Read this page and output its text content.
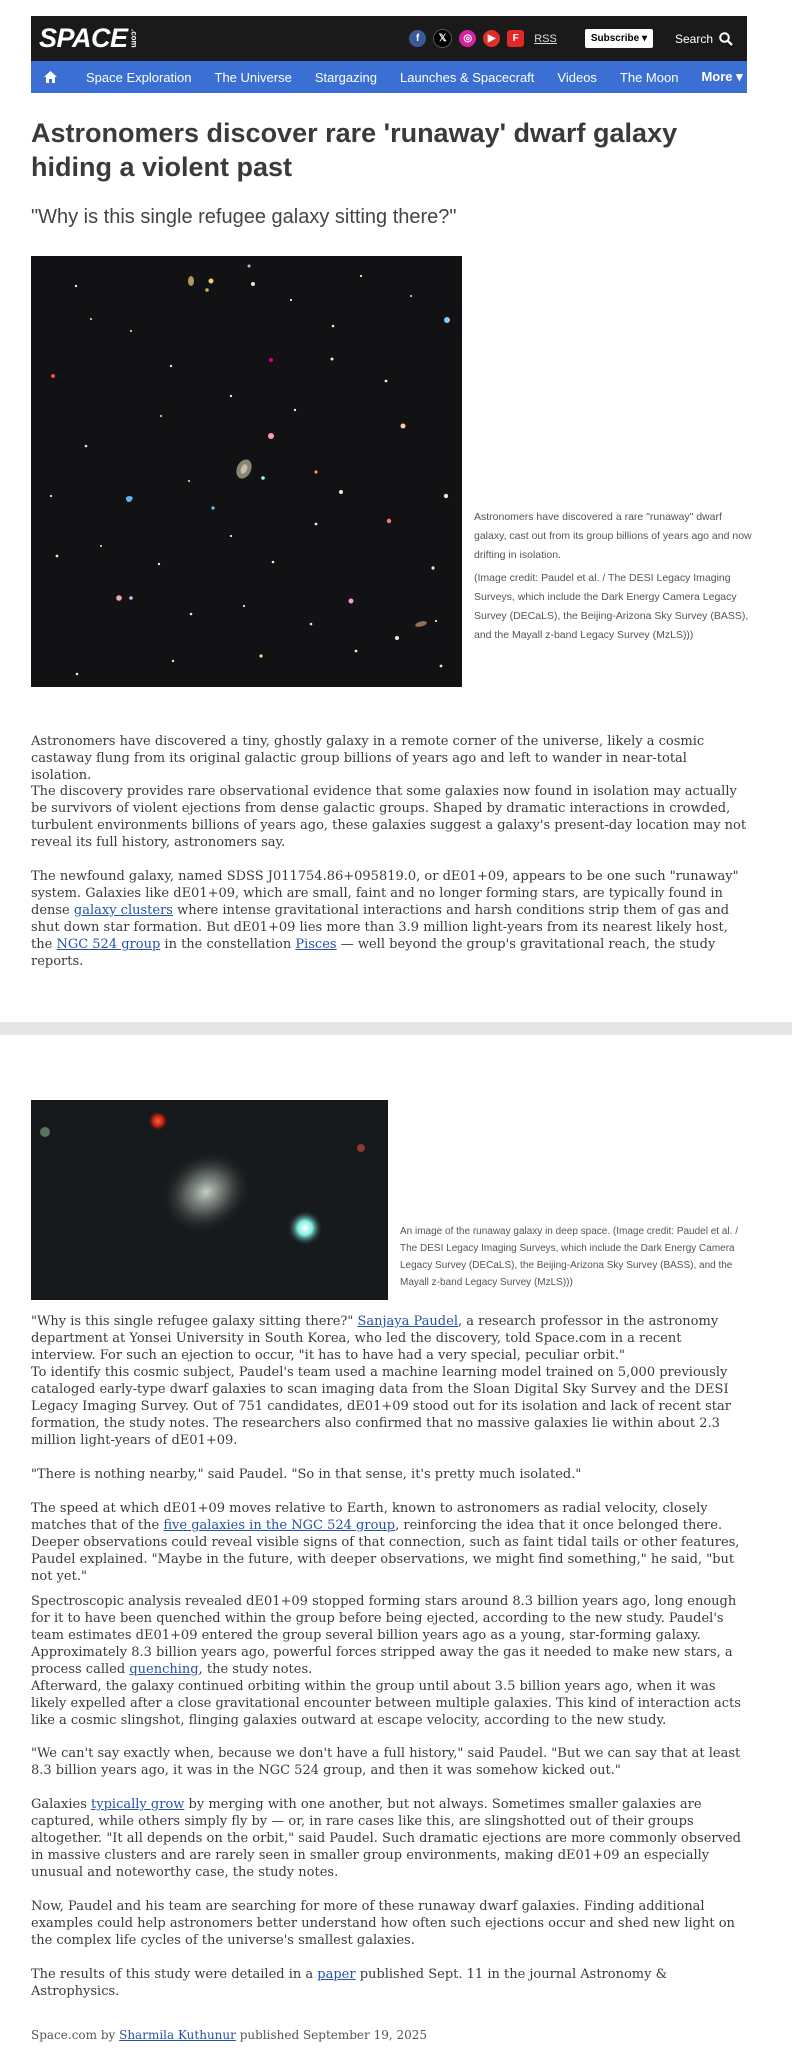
SPACE .com	f	𝕏	◎	▶	F	RSS	Subscribe ▾	Search
Space Exploration The Universe Stargazing Launches & Spacecraft Videos The Moon More ▾
Astronomers discover rare 'runaway' dwarf galaxy hiding a violent past

"Why is this single refugee galaxy sitting there?"

Astronomers have discovered a rare "runaway" dwarf galaxy, cast out from its group billions of years ago and now drifting in isolation.
(Image credit: Paudel et al. / The DESI Legacy Imaging Surveys, which include the Dark Energy Camera Legacy Survey (DECaLS), the Beijing-Arizona Sky Survey (BASS), and the Mayall z-band Legacy Survey (MzLS)))

Astronomers have discovered a tiny, ghostly galaxy in a remote corner of the universe, likely a cosmic castaway flung from its original galactic group billions of years ago and left to wander in near-total isolation.

The discovery provides rare observational evidence that some galaxies now found in isolation may actually be survivors of violent ejections from dense galactic groups. Shaped by dramatic interactions in crowded, turbulent environments billions of years ago, these galaxies suggest a galaxy's present-day location may not reveal its full history, astronomers say.

The newfound galaxy, named SDSS J011754.86+095819.0, or dE01+09, appears to be one such "runaway" system. Galaxies like dE01+09, which are small, faint and no longer forming stars, are typically found in dense galaxy clusters where intense gravitational interactions and harsh conditions strip them of gas and shut down star formation. But dE01+09 lies more than 3.9 million light-years from its nearest likely host, the NGC 524 group in the constellation Pisces — well beyond the group's gravitational reach, the study reports.

An image of the runaway galaxy in deep space. (Image credit: Paudel et al. / The DESI Legacy Imaging Surveys, which include the Dark Energy Camera Legacy Survey (DECaLS), the Beijing-Arizona Sky Survey (BASS), and the Mayall z-band Legacy Survey (MzLS)))

"Why is this single refugee galaxy sitting there?" Sanjaya Paudel, a research professor in the astronomy department at Yonsei University in South Korea, who led the discovery, told Space.com in a recent interview. For such an ejection to occur, "it has to have had a very special, peculiar orbit."

To identify this cosmic subject, Paudel's team used a machine learning model trained on 5,000 previously cataloged early-type dwarf galaxies to scan imaging data from the Sloan Digital Sky Survey and the DESI Legacy Imaging Survey. Out of 751 candidates, dE01+09 stood out for its isolation and lack of recent star formation, the study notes. The researchers also confirmed that no massive galaxies lie within about 2.3 million light-years of dE01+09.

"There is nothing nearby," said Paudel. "So in that sense, it's pretty much isolated."

The speed at which dE01+09 moves relative to Earth, known to astronomers as radial velocity, closely matches that of the five galaxies in the NGC 524 group, reinforcing the idea that it once belonged there. Deeper observations could reveal visible signs of that connection, such as faint tidal tails or other features, Paudel explained. "Maybe in the future, with deeper observations, we might find something," he said, "but not yet."

Spectroscopic analysis revealed dE01+09 stopped forming stars around 8.3 billion years ago, long enough for it to have been quenched within the group before being ejected, according to the new study. Paudel's team estimates dE01+09 entered the group several billion years ago as a young, star-forming galaxy. Approximately 8.3 billion years ago, powerful forces stripped away the gas it needed to make new stars, a process called quenching, the study notes.

Afterward, the galaxy continued orbiting within the group until about 3.5 billion years ago, when it was likely expelled after a close gravitational encounter between multiple galaxies. This kind of interaction acts like a cosmic slingshot, flinging galaxies outward at escape velocity, according to the new study.

"We can't say exactly when, because we don't have a full history," said Paudel. "But we can say that at least 8.3 billion years ago, it was in the NGC 524 group, and then it was somehow kicked out."

Galaxies typically grow by merging with one another, but not always. Sometimes smaller galaxies are captured, while others simply fly by — or, in rare cases like this, are slingshotted out of their groups altogether. "It all depends on the orbit," said Paudel. Such dramatic ejections are more commonly observed in massive clusters and are rarely seen in smaller group environments, making dE01+09 an especially unusual and noteworthy case, the study notes.

Now, Paudel and his team are searching for more of these runaway dwarf galaxies. Finding additional examples could help astronomers better understand how often such ejections occur and shed new light on the complex life cycles of the universe's smallest galaxies.

The results of this study were detailed in a paper published Sept. 11 in the journal Astronomy & Astrophysics.

Space.com by Sharmila Kuthunur published September 19, 2025
